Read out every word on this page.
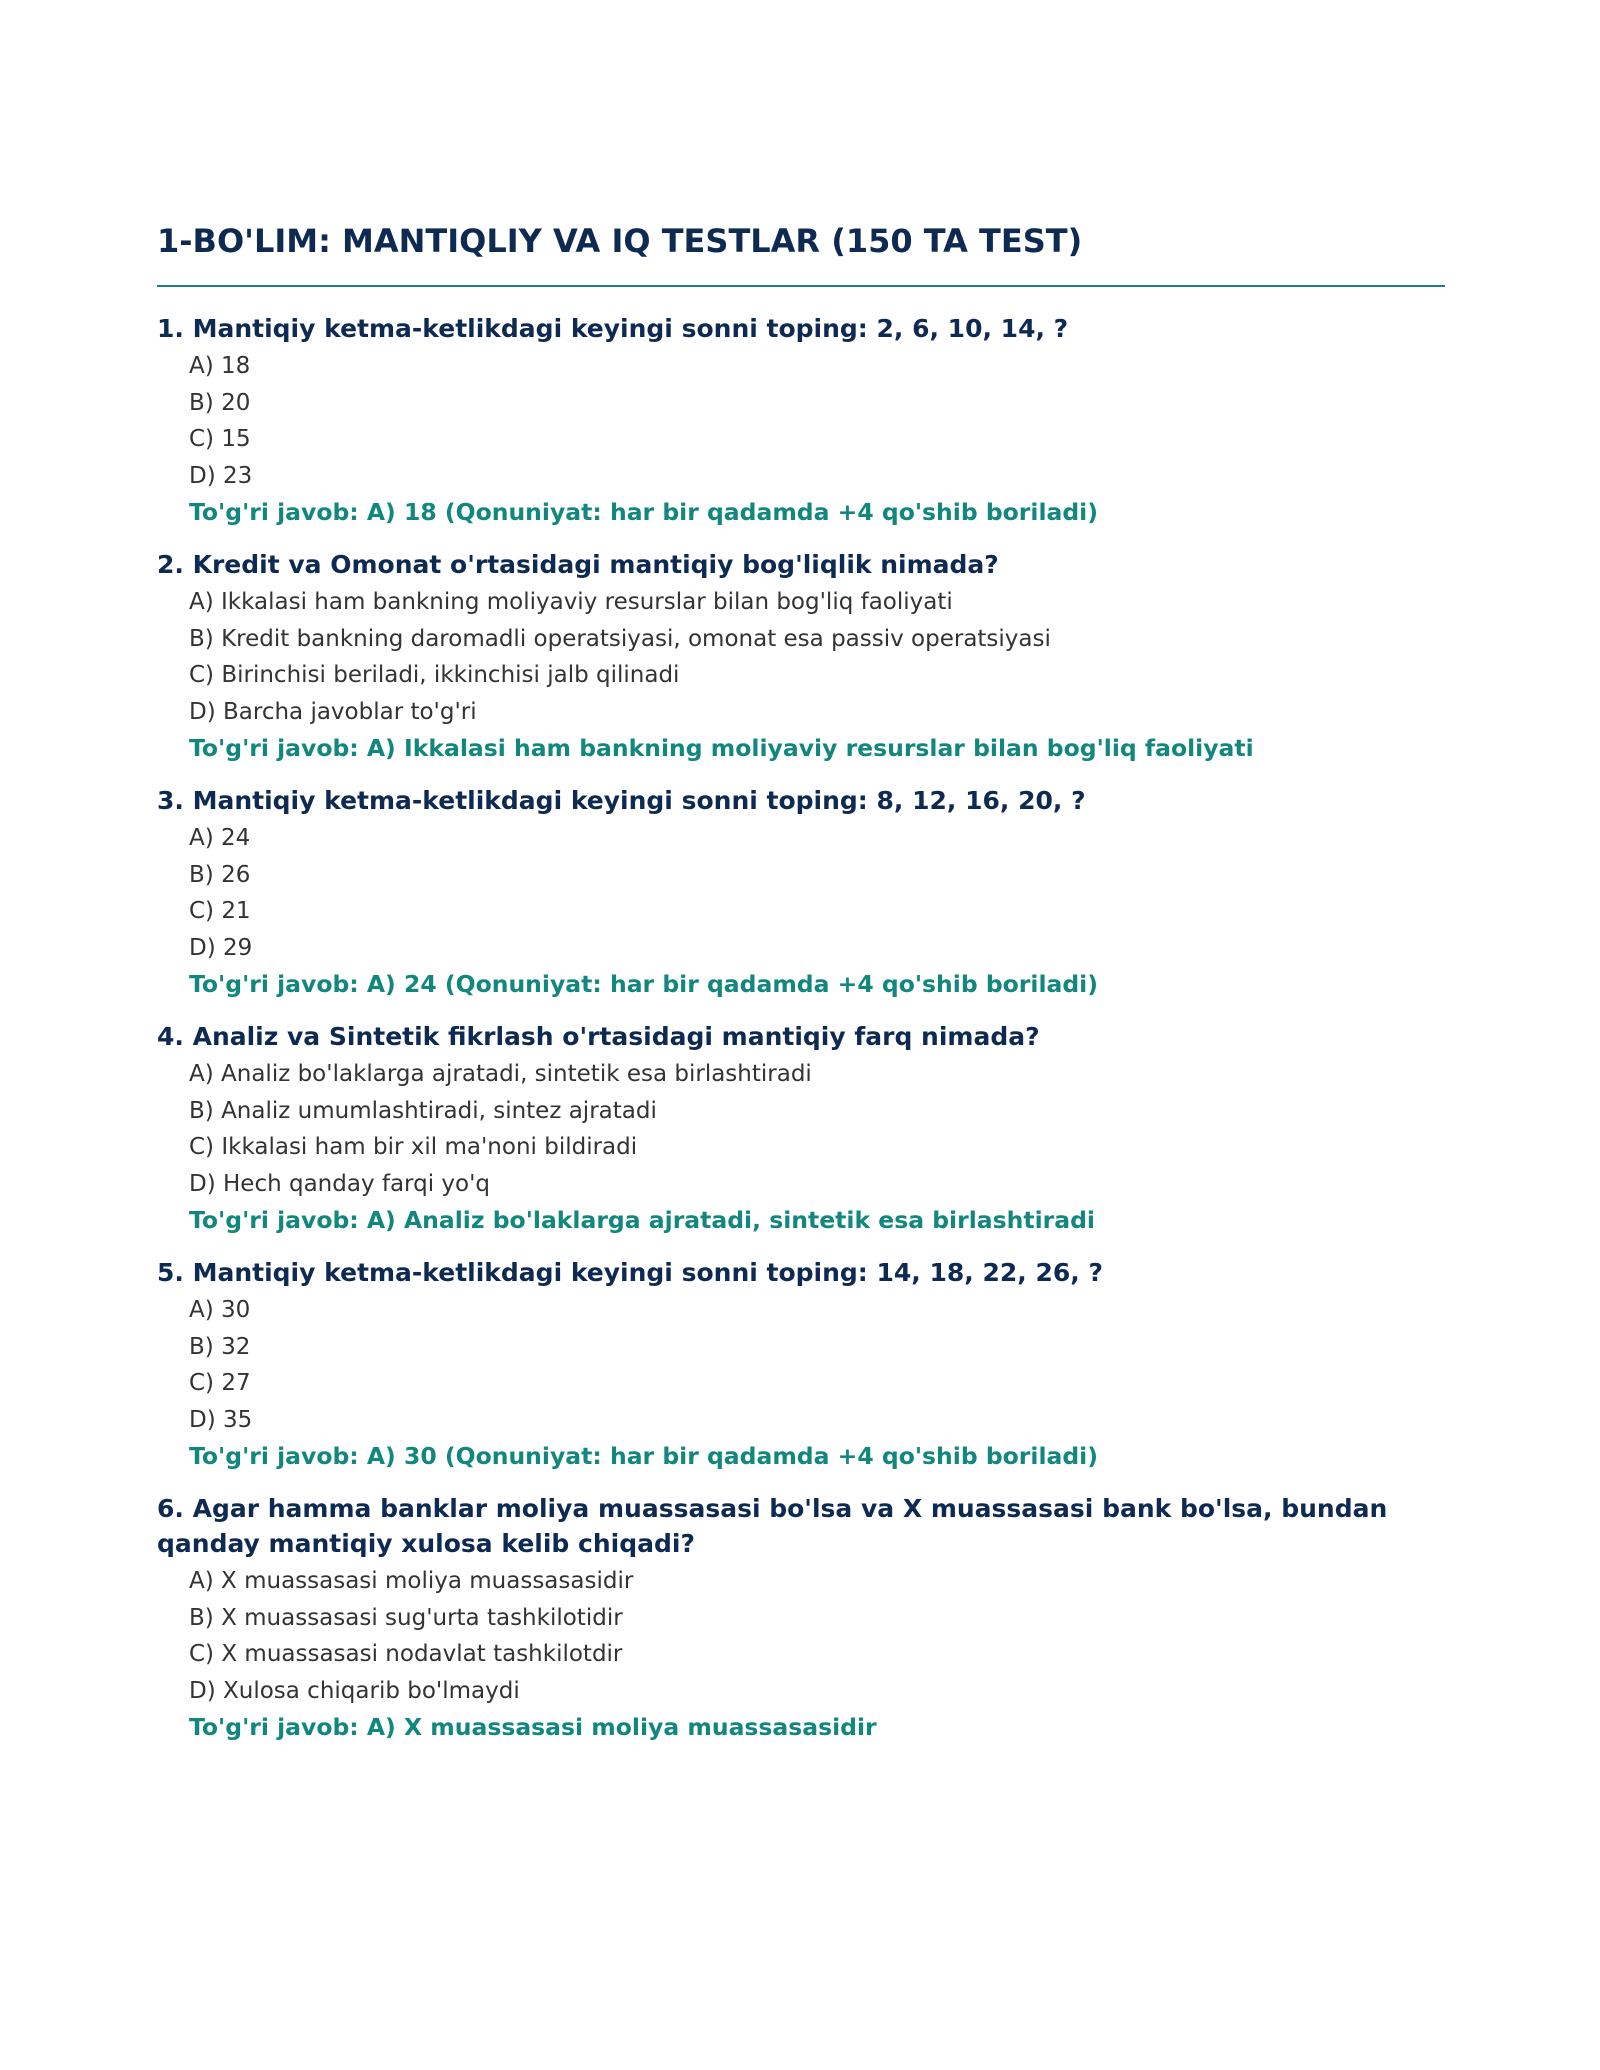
1-BO'LIM: MANTIQLIY VA IQ TESTLAR (150 TA TEST)
1. Mantiqiy ketma-ketlikdagi keyingi sonni toping: 2, 6, 10, 14, ?
A) 18
B) 20
C) 15
D) 23
To'g'ri javob: A) 18 (Qonuniyat: har bir qadamda +4 qo'shib boriladi)
2. Kredit va Omonat o'rtasidagi mantiqiy bog'liqlik nimada?
A) Ikkalasi ham bankning moliyaviy resurslar bilan bog'liq faoliyati
B) Kredit bankning daromadli operatsiyasi, omonat esa passiv operatsiyasi
C) Birinchisi beriladi, ikkinchisi jalb qilinadi
D) Barcha javoblar to'g'ri
To'g'ri javob: A) Ikkalasi ham bankning moliyaviy resurslar bilan bog'liq faoliyati
3. Mantiqiy ketma-ketlikdagi keyingi sonni toping: 8, 12, 16, 20, ?
A) 24
B) 26
C) 21
D) 29
To'g'ri javob: A) 24 (Qonuniyat: har bir qadamda +4 qo'shib boriladi)
4. Analiz va Sintetik fikrlash o'rtasidagi mantiqiy farq nimada?
A) Analiz bo'laklarga ajratadi, sintetik esa birlashtiradi
B) Analiz umumlashtiradi, sintez ajratadi
C) Ikkalasi ham bir xil ma'noni bildiradi
D) Hech qanday farqi yo'q
To'g'ri javob: A) Analiz bo'laklarga ajratadi, sintetik esa birlashtiradi
5. Mantiqiy ketma-ketlikdagi keyingi sonni toping: 14, 18, 22, 26, ?
A) 30
B) 32
C) 27
D) 35
To'g'ri javob: A) 30 (Qonuniyat: har bir qadamda +4 qo'shib boriladi)
6. Agar hamma banklar moliya muassasasi bo'lsa va X muassasasi bank bo'lsa, bundan qanday mantiqiy xulosa kelib chiqadi?
A) X muassasasi moliya muassasasidir
B) X muassasasi sug'urta tashkilotidir
C) X muassasasi nodavlat tashkilotdir
D) Xulosa chiqarib bo'lmaydi
To'g'ri javob: A) X muassasasi moliya muassasasidir
